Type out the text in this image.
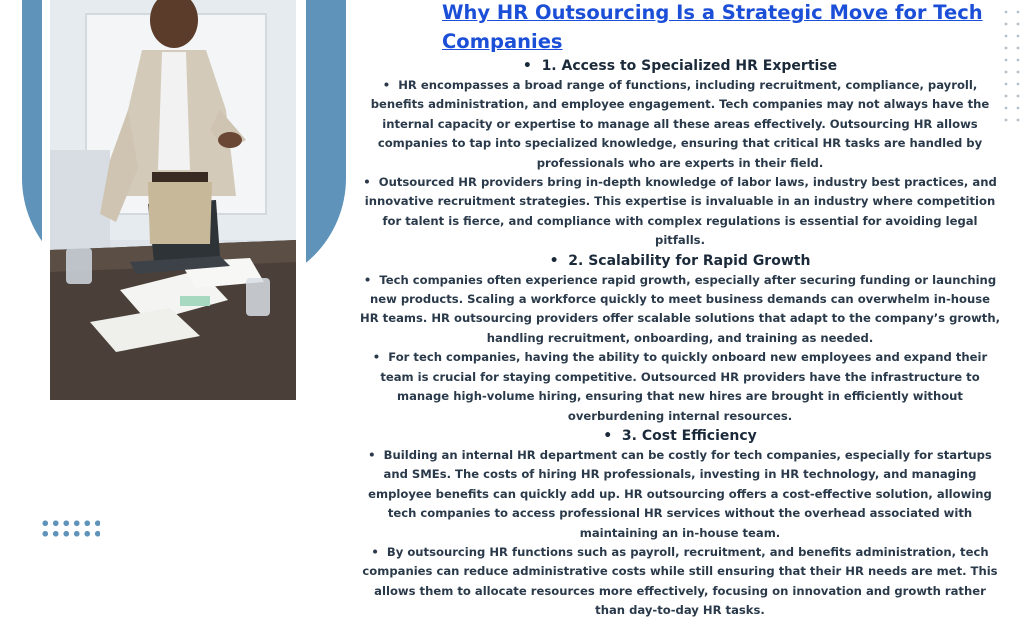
Why HR Outsourcing Is a Strategic Move for Tech Companies
•  1. Access to Specialized HR Expertise

•  HR encompasses a broad range of functions, including recruitment, compliance, payroll, benefits administration, and employee engagement. Tech companies may not always have the internal capacity or expertise to manage all these areas effectively. Outsourcing HR allows companies to tap into specialized knowledge, ensuring that critical HR tasks are handled by professionals who are experts in their field.

•  Outsourced HR providers bring in-depth knowledge of labor laws, industry best practices, and innovative recruitment strategies. This expertise is invaluable in an industry where competition for talent is fierce, and compliance with complex regulations is essential for avoiding legal pitfalls.

•  2. Scalability for Rapid Growth

•  Tech companies often experience rapid growth, especially after securing funding or launching new products. Scaling a workforce quickly to meet business demands can overwhelm in-house HR teams. HR outsourcing providers offer scalable solutions that adapt to the company’s growth, handling recruitment, onboarding, and training as needed.

•  For tech companies, having the ability to quickly onboard new employees and expand their team is crucial for staying competitive. Outsourced HR providers have the infrastructure to manage high-volume hiring, ensuring that new hires are brought in efficiently without overburdening internal resources.

•  3. Cost Efficiency

•  Building an internal HR department can be costly for tech companies, especially for startups and SMEs. The costs of hiring HR professionals, investing in HR technology, and managing employee benefits can quickly add up. HR outsourcing offers a cost-effective solution, allowing tech companies to access professional HR services without the overhead associated with maintaining an in-house team.

•  By outsourcing HR functions such as payroll, recruitment, and benefits administration, tech companies can reduce administrative costs while still ensuring that their HR needs are met. This allows them to allocate resources more effectively, focusing on innovation and growth rather than day-to-day HR tasks.
